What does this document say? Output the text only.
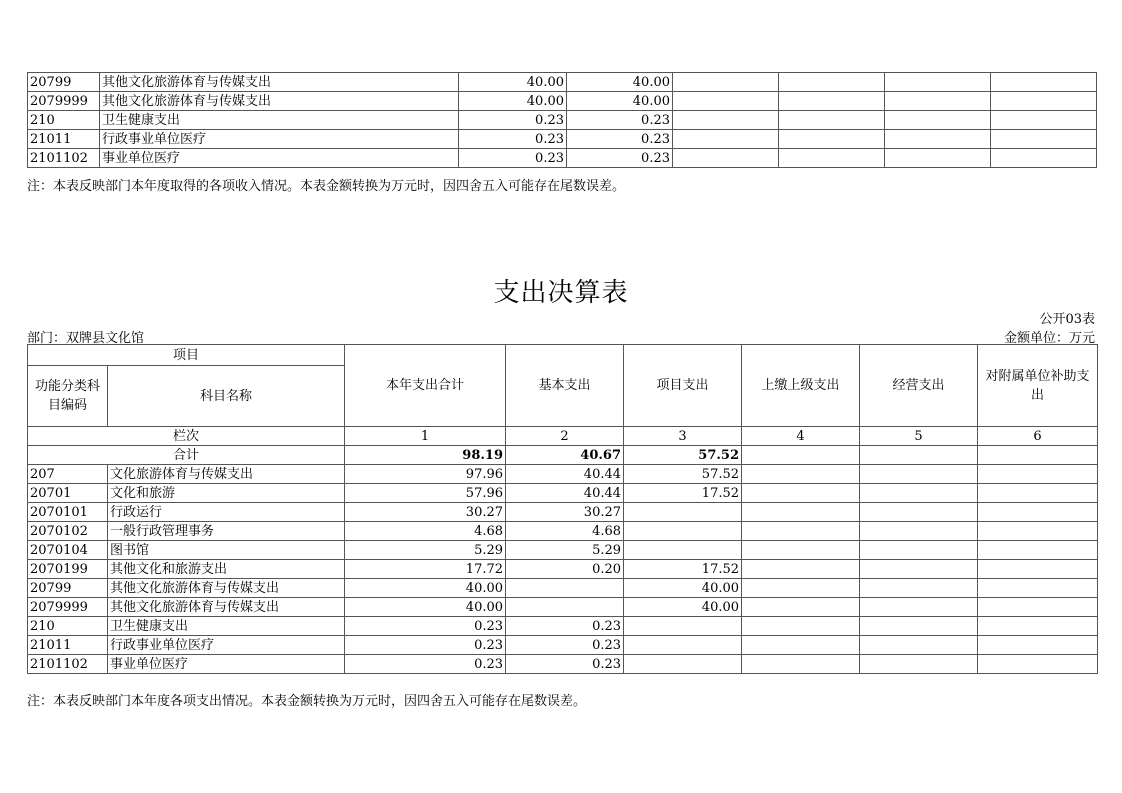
20799	其他文化旅游体育与传媒支出	40.00	40.00				
2079999	其他文化旅游体育与传媒支出	40.00	40.00				
210	卫生健康支出	0.23	0.23				
21011	行政事业单位医疗	0.23	0.23				
2101102	事业单位医疗	0.23	0.23				
注：本表反映部门本年度取得的各项收入情况。本表金额转换为万元时，因四舍五入可能存在尾数误差。
支出决算表
公开03表
部门：双牌县文化馆	金额单位：万元
项目		本年支出合计	基本支出	项目支出	上缴上级支出	经营支出	对附属单位补助支出
功能分类科目编码	科目名称						
栏次		1	2	3	4	5	6
合计		98.19	40.67	57.52			
207	文化旅游体育与传媒支出	97.96	40.44	57.52			
20701	文化和旅游	57.96	40.44	17.52			
2070101	行政运行	30.27	30.27				
2070102	一般行政管理事务	4.68	4.68				
2070104	图书馆	5.29	5.29				
2070199	其他文化和旅游支出	17.72	0.20	17.52			
20799	其他文化旅游体育与传媒支出	40.00		40.00			
2079999	其他文化旅游体育与传媒支出	40.00		40.00			
210	卫生健康支出	0.23	0.23				
21011	行政事业单位医疗	0.23	0.23				
2101102	事业单位医疗	0.23	0.23				
注：本表反映部门本年度各项支出情况。本表金额转换为万元时，因四舍五入可能存在尾数误差。
